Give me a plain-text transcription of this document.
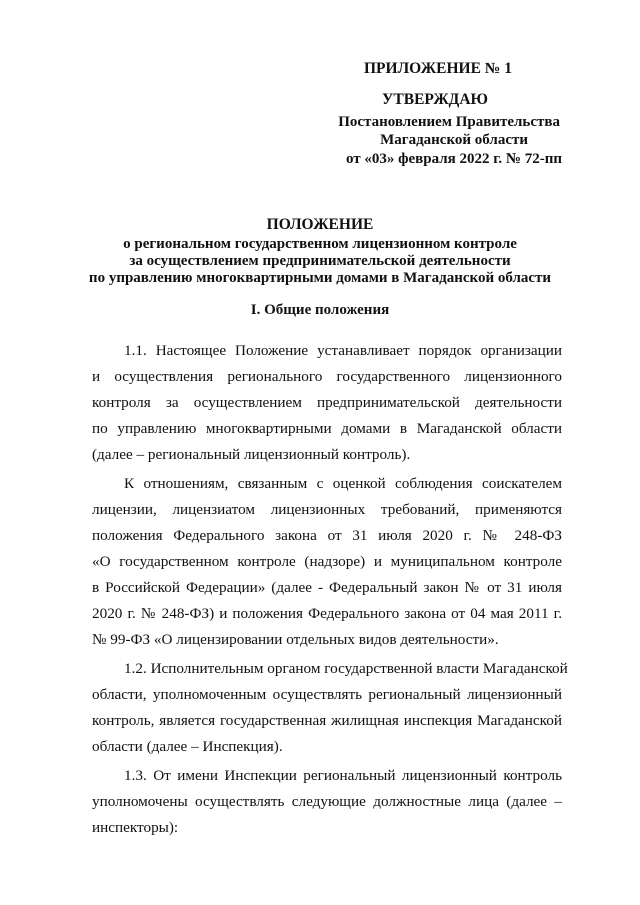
ПРИЛОЖЕНИЕ № 1
УТВЕРЖДАЮ
Постановлением Правительства
Магаданской области
от «03» февраля 2022 г. № 72-пп
ПОЛОЖЕНИЕ
о региональном государственном лицензионном контроле
за осуществлением предпринимательской деятельности
по управлению многоквартирными домами в Магаданской области
I. Общие положения
1.1. Настоящее Положение устанавливает порядок организации
и осуществления регионального государственного лицензионного
контроля за осуществлением предпринимательской деятельности
по управлению многоквартирными домами в Магаданской области
(далее – региональный лицензионный контроль).
К отношениям, связанным с оценкой соблюдения соискателем
лицензии, лицензиатом лицензионных требований, применяются
положения Федерального закона от 31 июля 2020 г. № 248-ФЗ
«О государственном контроле (надзоре) и муниципальном контроле
в Российской Федерации» (далее - Федеральный закон № от 31 июля
2020 г. № 248-ФЗ) и положения Федерального закона от 04 мая 2011 г.
№ 99-ФЗ «О лицензировании отдельных видов деятельности».
1.2. Исполнительным органом государственной власти Магаданской
области, уполномоченным осуществлять региональный лицензионный
контроль, является государственная жилищная инспекция Магаданской
области (далее – Инспекция).
1.3. От имени Инспекции региональный лицензионный контроль
уполномочены осуществлять следующие должностные лица (далее –
инспекторы):
